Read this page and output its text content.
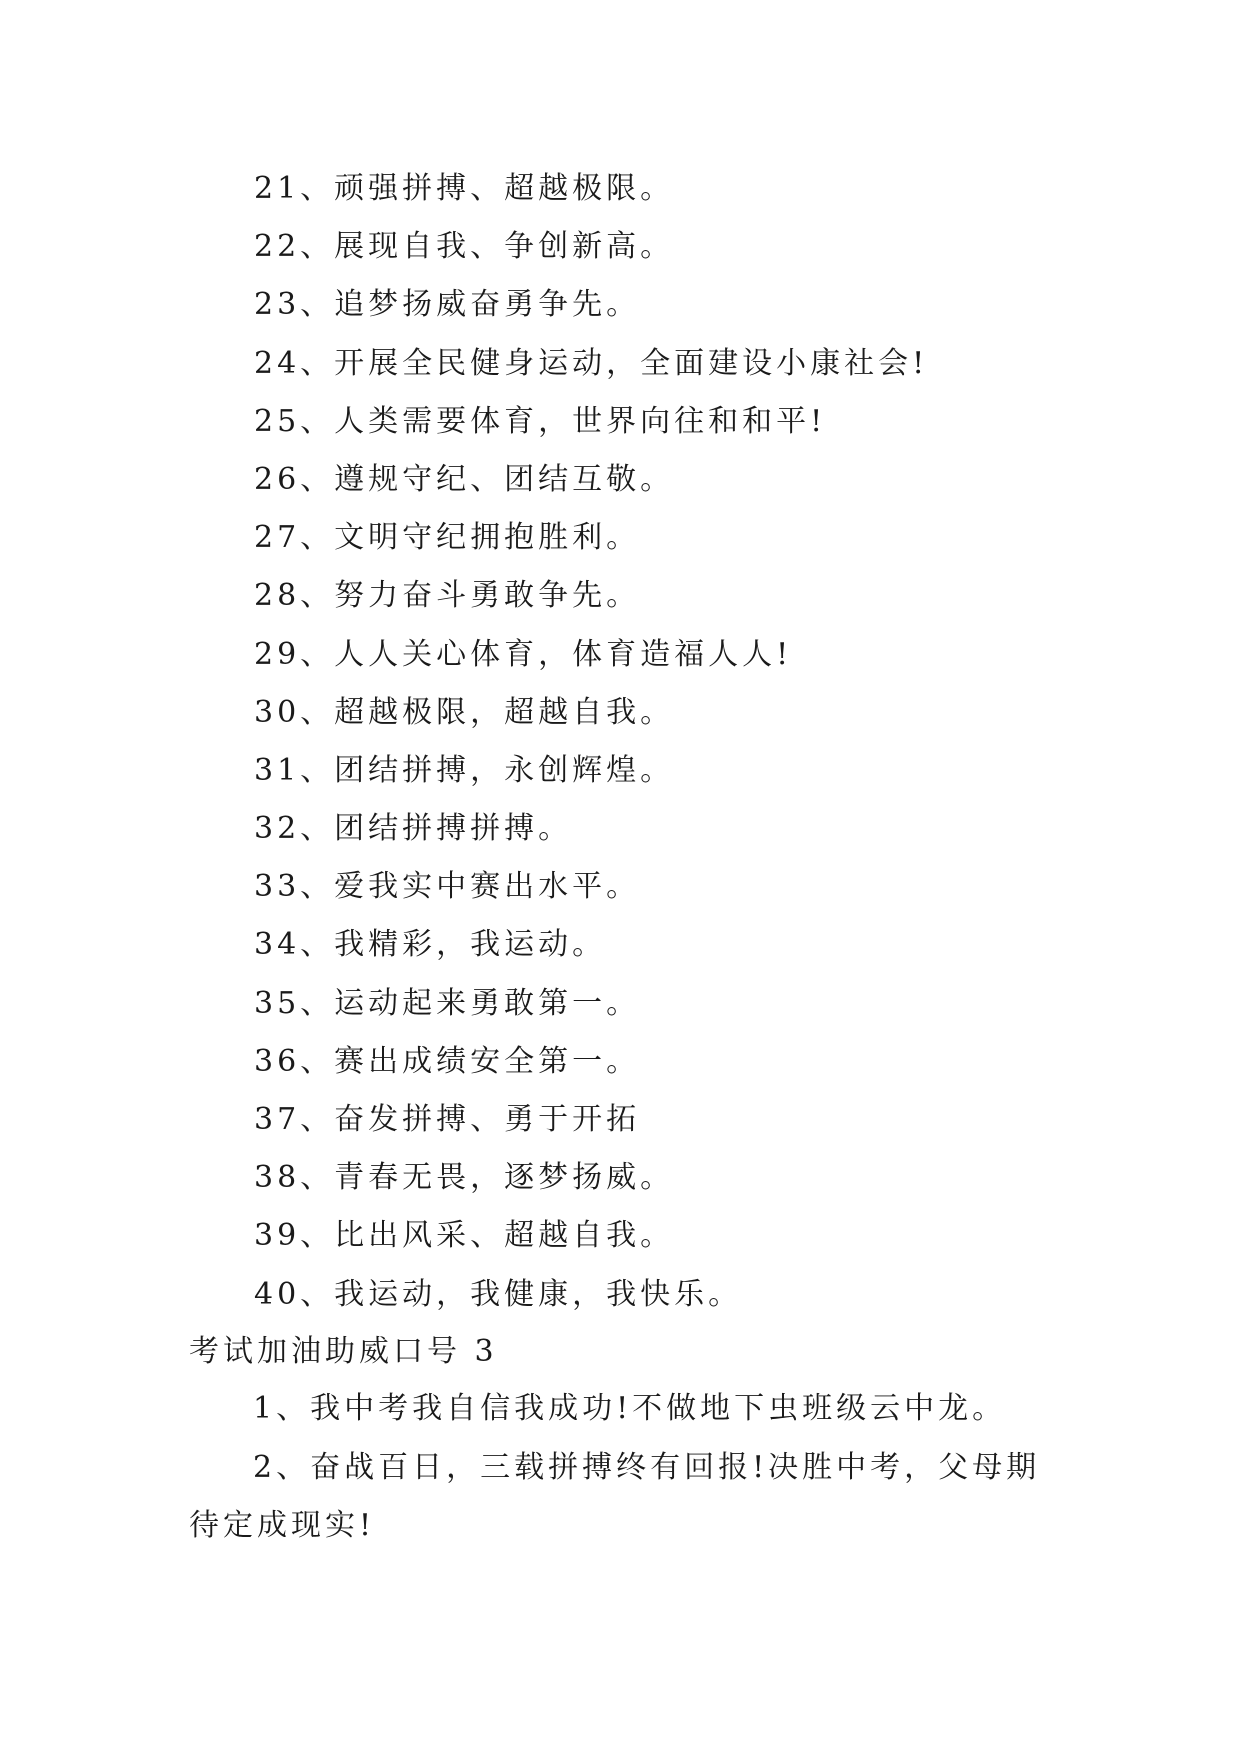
21、顽强拼搏、超越极限。
22、展现自我、争创新高。
23、追梦扬威奋勇争先。
24、开展全民健身运动，全面建设小康社会!
25、人类需要体育，世界向往和和平!
26、遵规守纪、团结互敬。
27、文明守纪拥抱胜利。
28、努力奋斗勇敢争先。
29、人人关心体育，体育造福人人!
30、超越极限，超越自我。
31、团结拼搏，永创辉煌。
32、团结拼搏拼搏。
33、爱我实中赛出水平。
34、我精彩，我运动。
35、运动起来勇敢第一。
36、赛出成绩安全第一。
37、奋发拼搏、勇于开拓
38、青春无畏，逐梦扬威。
39、比出风采、超越自我。
40、我运动，我健康，我快乐。
考试加油助威口号 3

1、我中考我自信我成功!不做地下虫班级云中龙。

2、奋战百日，三载拼搏终有回报!决胜中考，父母期待定成现实!
